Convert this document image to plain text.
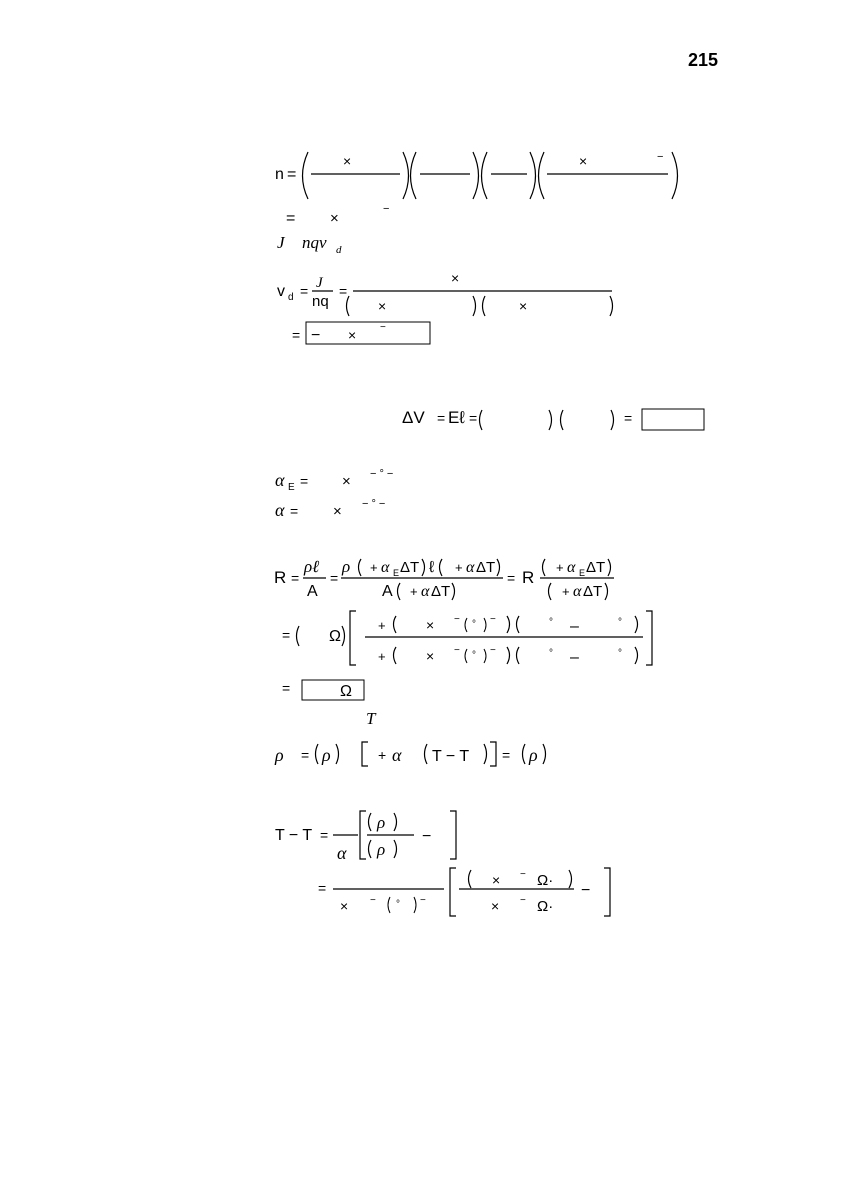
215
n =
×	×	−
= ×
−
J nqv d
v d = J
nq
=
×
×	×
= − × −
ΔV = Eℓ =	=
α E = × − ° −
α = × − ° −
R =
ρℓ
A
=
ρ + α E ΔT ℓ + α ΔT
A + α ΔT
= R
+ α E ΔT
+ α ΔT
= Ω
+	× − ° −	° –	°
+	× − ° −	° –	°
=	Ω
T
ρ = ρ	+ α T − T = ρ
T − T =
α
ρ
ρ
−
=
× − ° −
× − Ω·
× − Ω·
−
